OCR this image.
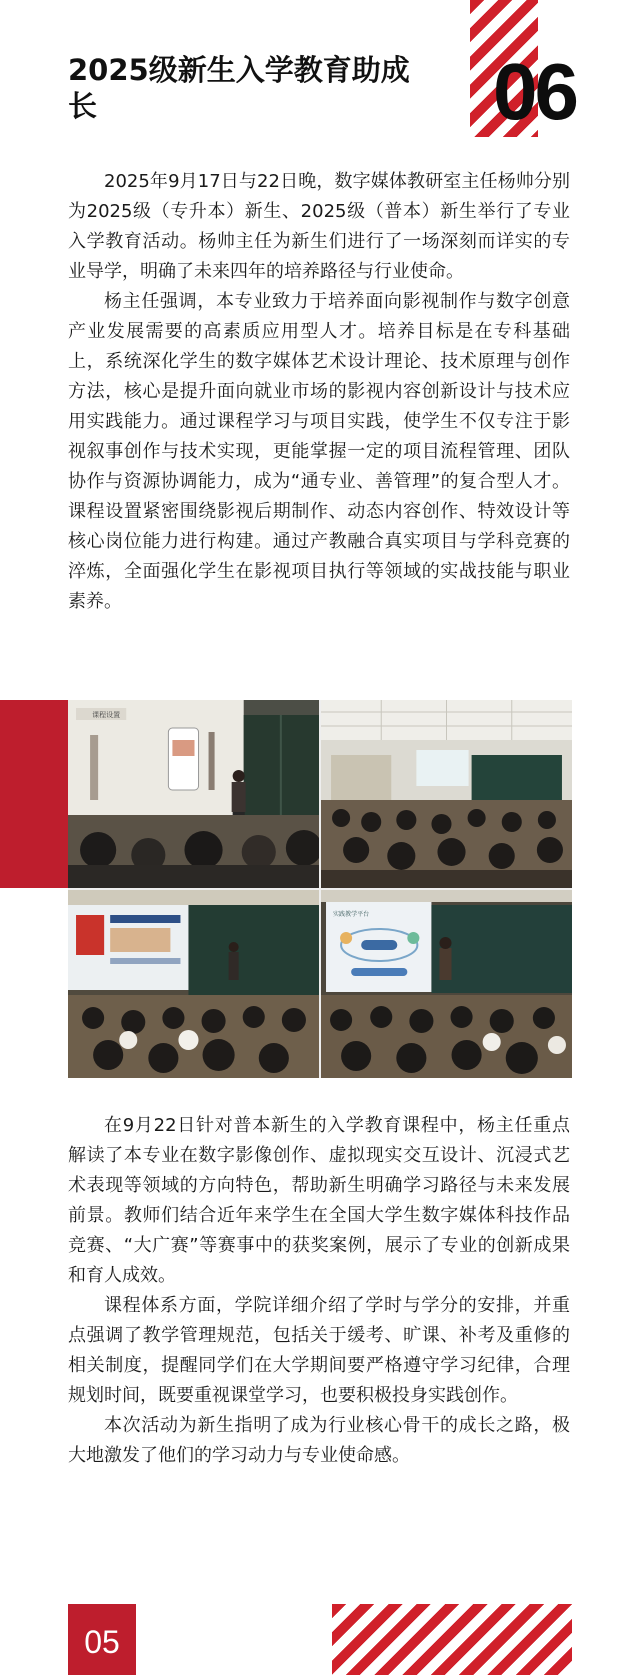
06
2025级新生入学教育助成长

2025年9月17日与22日晚，数字媒体教研室主任杨帅分别为2025级（专升本）新生、2025级（普本）新生举行了专业入学教育活动。杨帅主任为新生们进行了一场深刻而详实的专业导学，明确了未来四年的培养路径与行业使命。

杨主任强调，本专业致力于培养面向影视制作与数字创意产业发展需要的高素质应用型人才。培养目标是在专科基础上，系统深化学生的数字媒体艺术设计理论、技术原理与创作方法，核心是提升面向就业市场的影视内容创新设计与技术应用实践能力。通过课程学习与项目实践，使学生不仅专注于影视叙事创作与技术实现，更能掌握一定的项目流程管理、团队协作与资源协调能力，成为“通专业、善管理”的复合型人才。课程设置紧密围绕影视后期制作、动态内容创作、特效设计等核心岗位能力进行构建。通过产教融合真实项目与学科竞赛的淬炼，全面强化学生在影视项目执行等领域的实战技能与职业素养。

课程设置
实践教学平台

在9月22日针对普本新生的入学教育课程中，杨主任重点解读了本专业在数字影像创作、虚拟现实交互设计、沉浸式艺术表现等领域的方向特色，帮助新生明确学习路径与未来发展前景。教师们结合近年来学生在全国大学生数字媒体科技作品竞赛、“大广赛”等赛事中的获奖案例，展示了专业的创新成果和育人成效。

课程体系方面，学院详细介绍了学时与学分的安排，并重点强调了教学管理规范，包括关于缓考、旷课、补考及重修的相关制度，提醒同学们在大学期间要严格遵守学习纪律，合理规划时间，既要重视课堂学习，也要积极投身实践创作。

本次活动为新生指明了成为行业核心骨干的成长之路，极大地激发了他们的学习动力与专业使命感。

05
